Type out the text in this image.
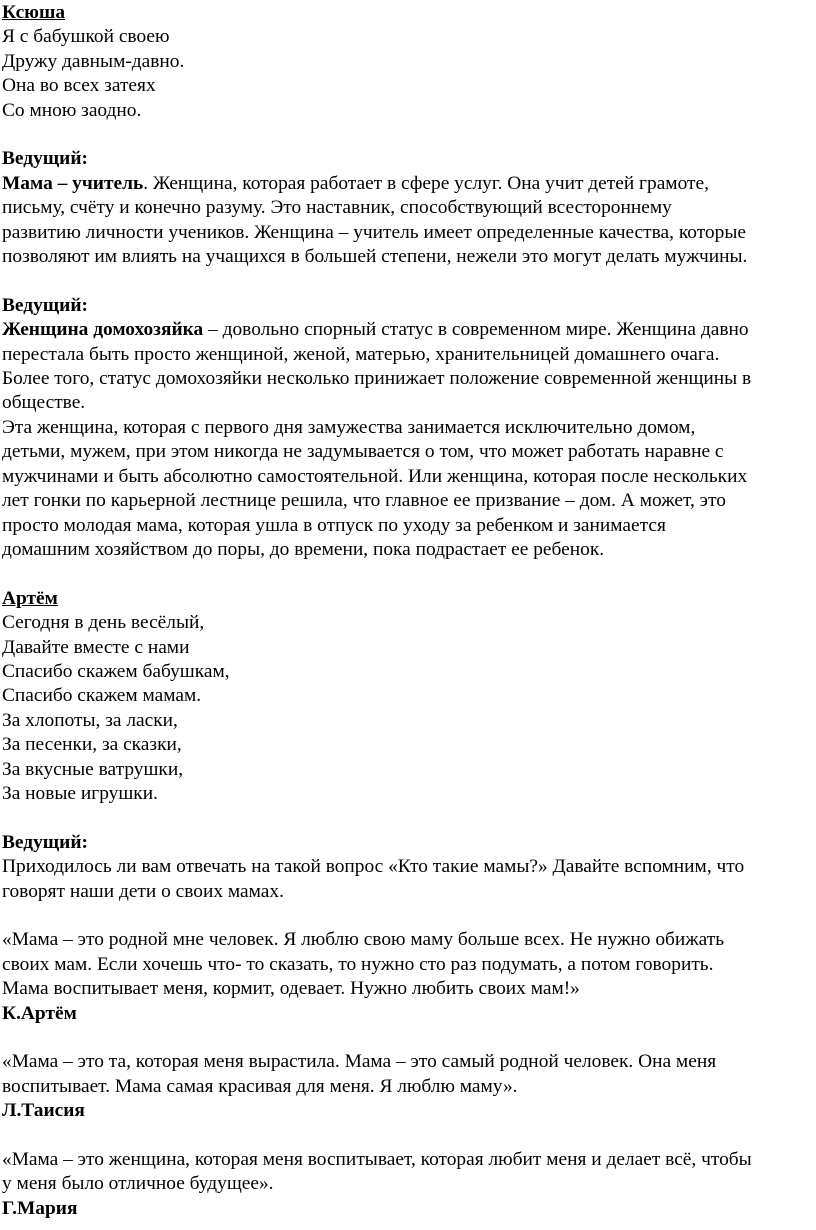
Ксюша
Я с бабушкой своею
Дружу давным-давно.
Она во всех затеях
Со мною заодно.
Ведущий:
Мама – учитель. Женщина, которая работает в сфере услуг. Она учит детей грамоте,
письму, счёту и конечно разуму. Это наставник, способствующий всестороннему
развитию личности учеников. Женщина – учитель имеет определенные качества, которые
позволяют им влиять на учащихся в большей степени, нежели это могут делать мужчины.
Ведущий:
Женщина домохозяйка – довольно спорный статус в современном мире. Женщина давно
перестала быть просто женщиной, женой, матерью, хранительницей домашнего очага.
Более того, статус домохозяйки несколько принижает положение современной женщины в
обществе.
Эта женщина, которая с первого дня замужества занимается исключительно домом,
детьми, мужем, при этом никогда не задумывается о том, что может работать наравне с
мужчинами и быть абсолютно самостоятельной. Или женщина, которая после нескольких
лет гонки по карьерной лестнице решила, что главное ее призвание – дом. А может, это
просто молодая мама, которая ушла в отпуск по уходу за ребенком и занимается
домашним хозяйством до поры, до времени, пока подрастает ее ребенок.
Артём
Сегодня в день весёлый,
Давайте вместе с нами
Спасибо скажем бабушкам,
Спасибо скажем мамам.
За хлопоты, за ласки,
За песенки, за сказки,
За вкусные ватрушки,
За новые игрушки.
Ведущий:
Приходилось ли вам отвечать на такой вопрос «Кто такие мамы?» Давайте вспомним, что
говорят наши дети о своих мамах.
«Мама – это родной мне человек. Я люблю свою маму больше всех. Не нужно обижать
своих мам. Если хочешь что- то сказать, то нужно сто раз подумать, а потом говорить.
Мама воспитывает меня, кормит, одевает. Нужно любить своих мам!»
К.Артём
«Мама – это та, которая меня вырастила. Мама – это самый родной человек. Она меня
воспитывает. Мама самая красивая для меня. Я люблю маму».
Л.Таисия
«Мама – это женщина, которая меня воспитывает, которая любит меня и делает всё, чтобы
у меня было отличное будущее».
Г.Мария
